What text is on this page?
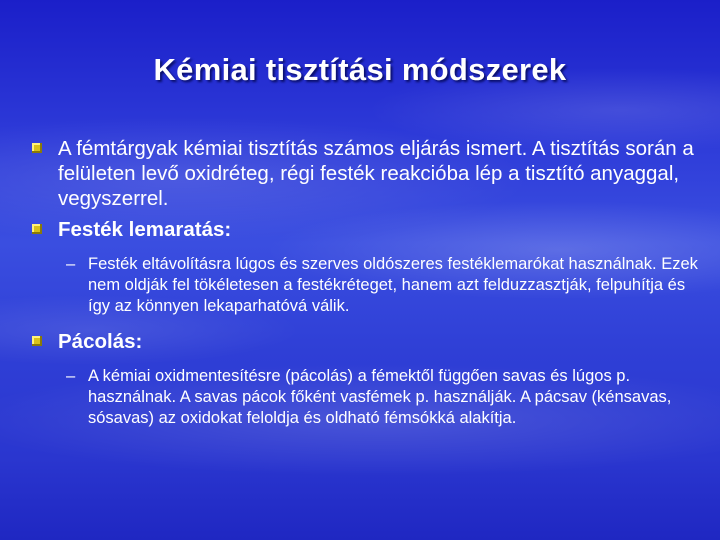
Kémiai tisztítási módszerek
A fémtárgyak kémiai tisztítás számos eljárás ismert. A tisztítás során a felületen levő oxidréteg, régi festék reakcióba lép a tisztító anyaggal, vegyszerrel.
Festék lemaratás:
– Festék eltávolításra lúgos és szerves oldószeres festéklemarókat használnak. Ezek nem oldják fel tökéletesen a festékréteget, hanem azt felduzzasztják, felpuhítja és így az könnyen lekaparhatóvá válik.
Pácolás:
– A kémiai oxidmentesítésre (pácolás) a fémektől függően savas és lúgos p. használnak. A savas pácok főként vasfémek p. használják. A pácsav (kénsavas, sósavas) az oxidokat feloldja és oldható fémsókká alakítja.
